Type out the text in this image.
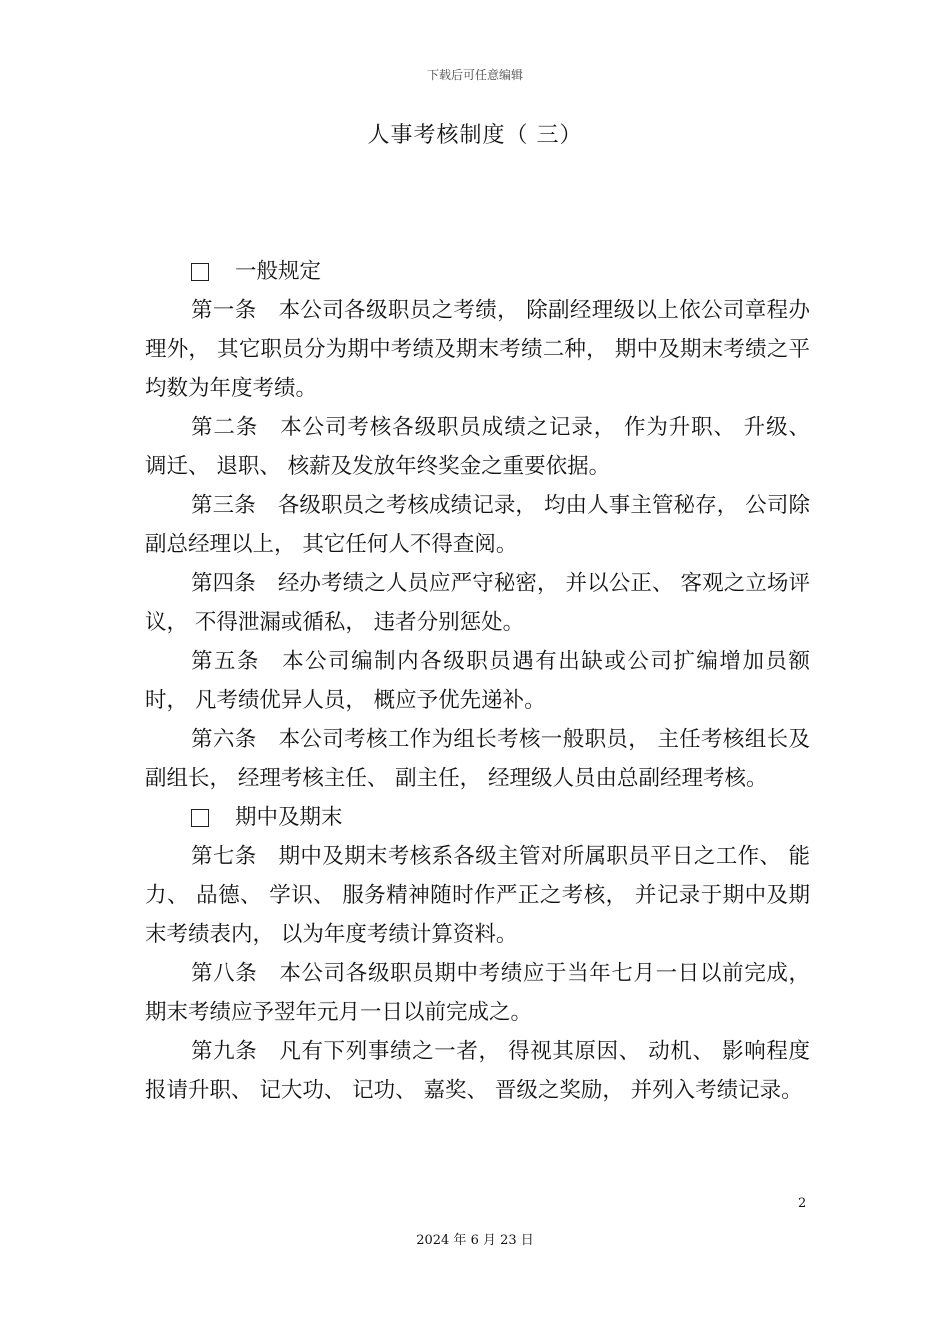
下载后可任意编辑
人事考核制度（ 三）
一般规定

第一条 本公司各级职员之考绩， 除副经理级以上依公司章程办理外， 其它职员分为期中考绩及期末考绩二种， 期中及期末考绩之平均数为年度考绩。

第二条 本公司考核各级职员成绩之记录， 作为升职、 升级、 调迁、 退职、 核薪及发放年终奖金之重要依据。

第三条 各级职员之考核成绩记录， 均由人事主管秘存， 公司除副总经理以上， 其它任何人不得查阅。

第四条 经办考绩之人员应严守秘密， 并以公正、 客观之立场评议， 不得泄漏或循私， 违者分别惩处。

第五条 本公司编制内各级职员遇有出缺或公司扩编增加员额时， 凡考绩优异人员， 概应予优先递补。

第六条 本公司考核工作为组长考核一般职员， 主任考核组长及副组长， 经理考核主任、 副主任， 经理级人员由总副经理考核。

期中及期末

第七条 期中及期末考核系各级主管对所属职员平日之工作、 能力、 品德、 学识、 服务精神随时作严正之考核， 并记录于期中及期末考绩表内， 以为年度考绩计算资料。

第八条 本公司各级职员期中考绩应于当年七月一日以前完成， 期末考绩应予翌年元月一日以前完成之。

第九条 凡有下列事绩之一者， 得视其原因、 动机、 影响程度报请升职、 记大功、 记功、 嘉奖、 晋级之奖励， 并列入考绩记录。

2
2024 年 6 月 23 日
